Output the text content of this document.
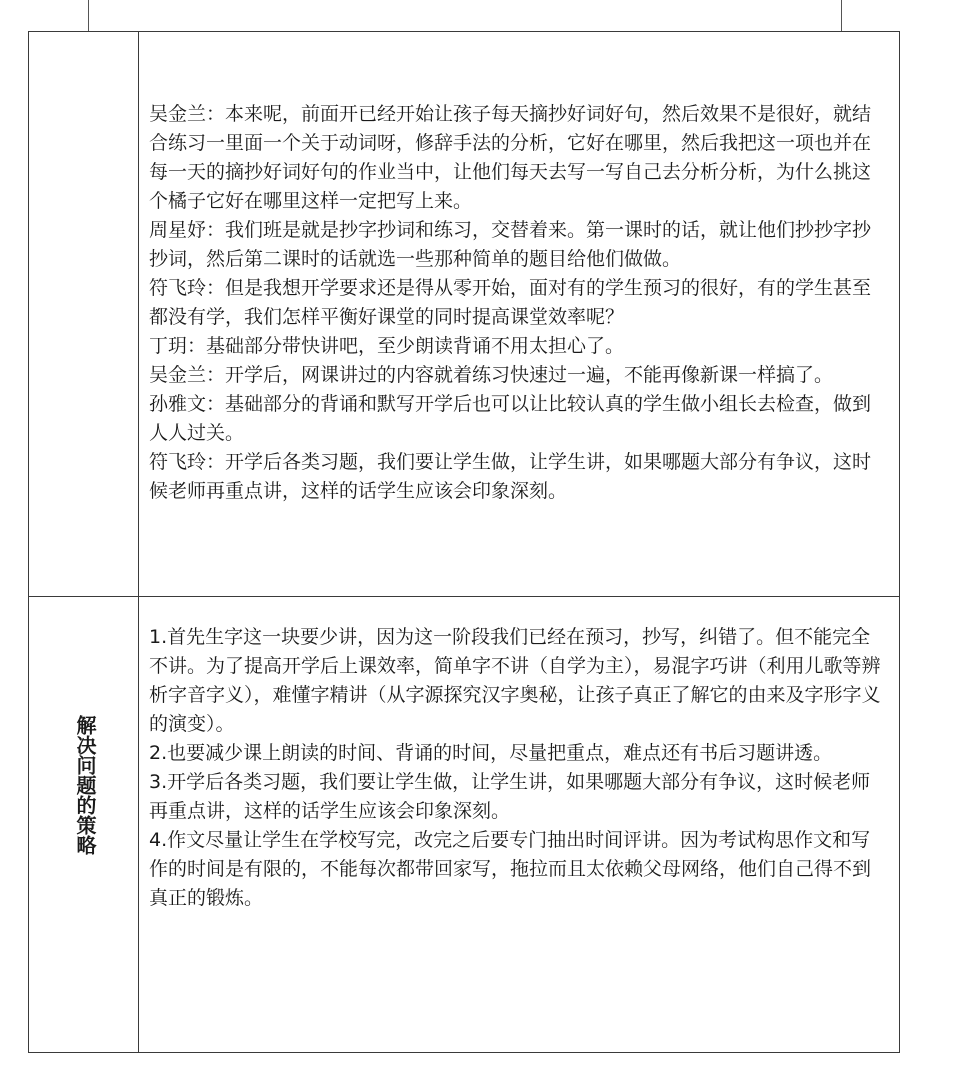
吴金兰：本来呢，前面开已经开始让孩子每天摘抄好词好句，然后效果不是很好，就结合练习一里面一个关于动词呀，修辞手法的分析，它好在哪里，然后我把这一项也并在每一天的摘抄好词好句的作业当中，让他们每天去写一写自己去分析分析，为什么挑这个橘子它好在哪里这样一定把写上来。

周星妤：我们班是就是抄字抄词和练习，交替着来。第一课时的话，就让他们抄抄字抄抄词，然后第二课时的话就选一些那种简单的题目给他们做做。

符飞玲：但是我想开学要求还是得从零开始，面对有的学生预习的很好，有的学生甚至都没有学，我们怎样平衡好课堂的同时提高课堂效率呢？

丁玥：基础部分带快讲吧，至少朗读背诵不用太担心了。

吴金兰：开学后，网课讲过的内容就着练习快速过一遍，不能再像新课一样搞了。

孙雅文：基础部分的背诵和默写开学后也可以让比较认真的学生做小组长去检查，做到人人过关。

符飞玲：开学后各类习题，我们要让学生做，让学生讲，如果哪题大部分有争议，这时候老师再重点讲，这样的话学生应该会印象深刻。

解决问题的策略

1.首先生字这一块要少讲，因为这一阶段我们已经在预习，抄写，纠错了。但不能完全不讲。为了提高开学后上课效率，简单字不讲（自学为主），易混字巧讲（利用儿歌等辨析字音字义），难懂字精讲（从字源探究汉字奥秘，让孩子真正了解它的由来及字形字义的演变）。

2.也要减少课上朗读的时间、背诵的时间，尽量把重点，难点还有书后习题讲透。

3.开学后各类习题，我们要让学生做，让学生讲，如果哪题大部分有争议，这时候老师再重点讲，这样的话学生应该会印象深刻。

4.作文尽量让学生在学校写完，改完之后要专门抽出时间评讲。因为考试构思作文和写作的时间是有限的，不能每次都带回家写，拖拉而且太依赖父母网络，他们自己得不到真正的锻炼。
